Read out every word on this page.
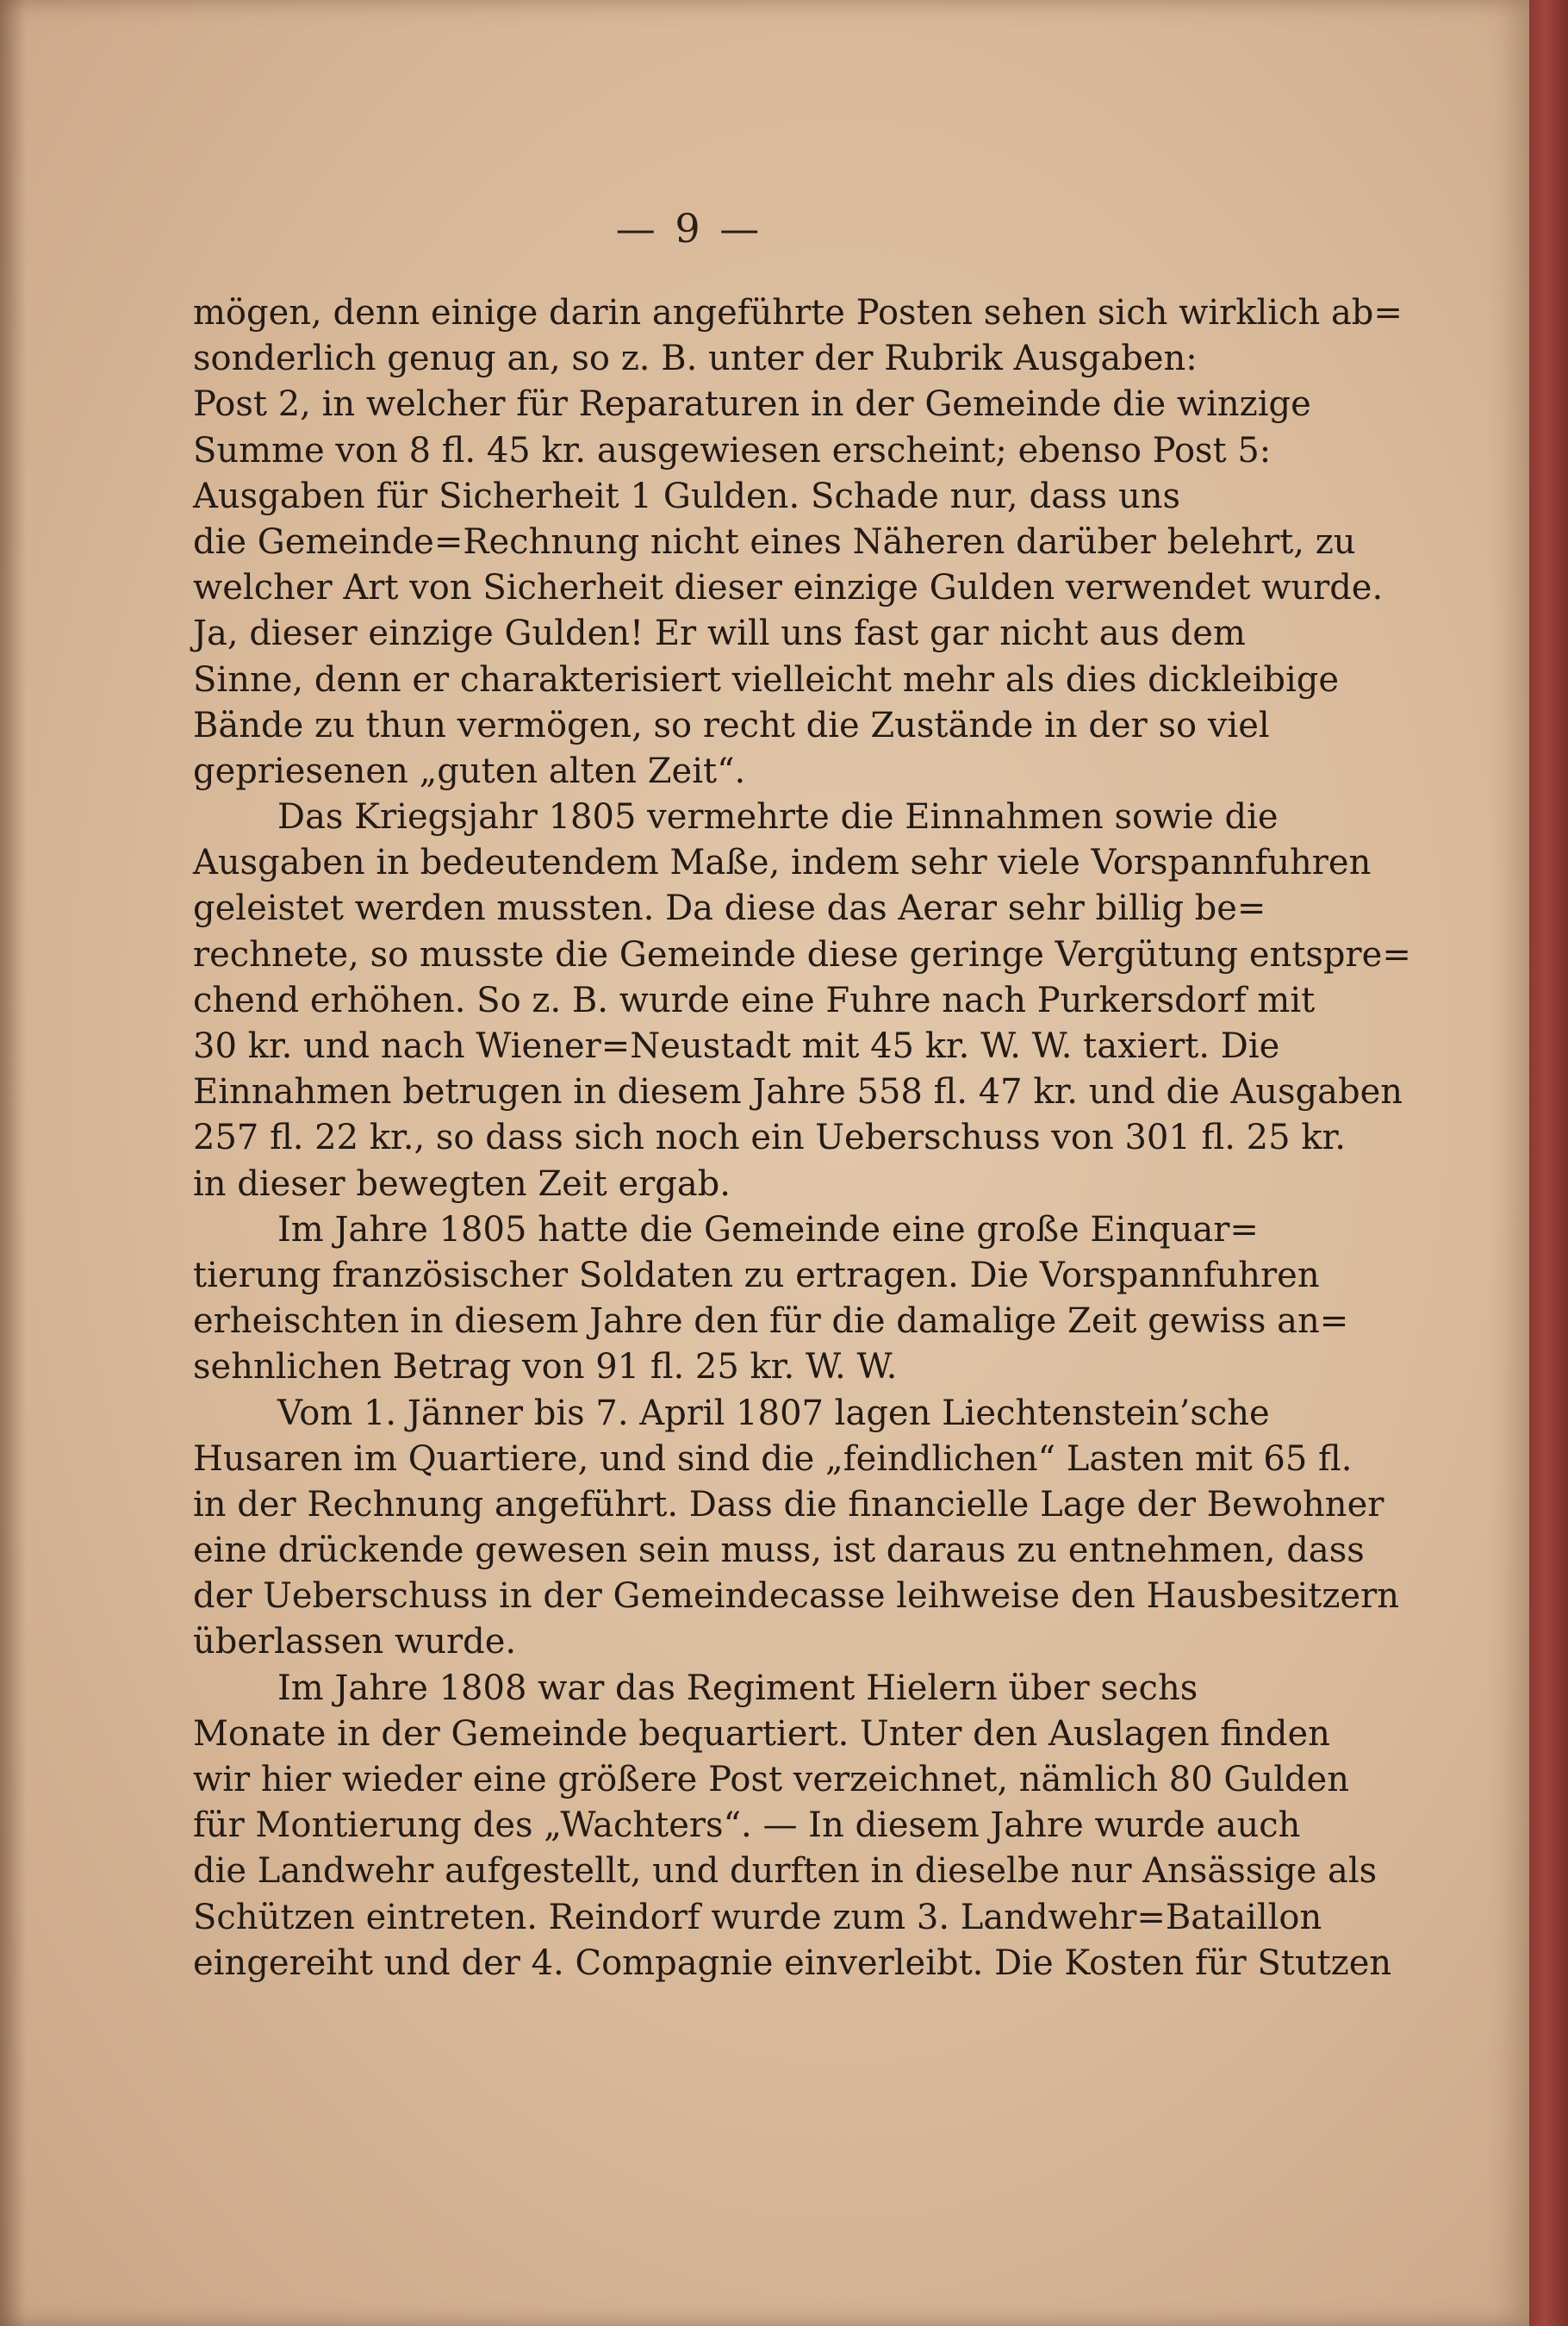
— 9 —
mögen, denn einige darin angeführte Posten sehen sich wirklich ab=
sonderlich genug an, so z. B. unter der Rubrik Ausgaben:
Post 2, in welcher für Reparaturen in der Gemeinde die winzige
Summe von 8 fl. 45 kr. ausgewiesen erscheint; ebenso Post 5:
Ausgaben für Sicherheit 1 Gulden. Schade nur, dass uns
die Gemeinde=Rechnung nicht eines Näheren darüber belehrt, zu
welcher Art von Sicherheit dieser einzige Gulden verwendet wurde.
Ja, dieser einzige Gulden! Er will uns fast gar nicht aus dem
Sinne, denn er charakterisiert vielleicht mehr als dies dickleibige
Bände zu thun vermögen, so recht die Zustände in der so viel
gepriesenen „guten alten Zeit“.
Das Kriegsjahr 1805 vermehrte die Einnahmen sowie die
Ausgaben in bedeutendem Maße, indem sehr viele Vorspannfuhren
geleistet werden mussten. Da diese das Aerar sehr billig be=
rechnete, so musste die Gemeinde diese geringe Vergütung entspre=
chend erhöhen. So z. B. wurde eine Fuhre nach Purkersdorf mit
30 kr. und nach Wiener=Neustadt mit 45 kr. W. W. taxiert. Die
Einnahmen betrugen in diesem Jahre 558 fl. 47 kr. und die Ausgaben
257 fl. 22 kr., so dass sich noch ein Ueberschuss von 301 fl. 25 kr.
in dieser bewegten Zeit ergab.
Im Jahre 1805 hatte die Gemeinde eine große Einquar=
tierung französischer Soldaten zu ertragen. Die Vorspannfuhren
erheischten in diesem Jahre den für die damalige Zeit gewiss an=
sehnlichen Betrag von 91 fl. 25 kr. W. W.
Vom 1. Jänner bis 7. April 1807 lagen Liechtenstein’sche
Husaren im Quartiere, und sind die „feindlichen“ Lasten mit 65 fl.
in der Rechnung angeführt. Dass die financielle Lage der Bewohner
eine drückende gewesen sein muss, ist daraus zu entnehmen, dass
der Ueberschuss in der Gemeindecasse leihweise den Hausbesitzern
überlassen wurde.
Im Jahre 1808 war das Regiment Hielern über sechs
Monate in der Gemeinde bequartiert. Unter den Auslagen finden
wir hier wieder eine größere Post verzeichnet, nämlich 80 Gulden
für Montierung des „Wachters“. — In diesem Jahre wurde auch
die Landwehr aufgestellt, und durften in dieselbe nur Ansässige als
Schützen eintreten. Reindorf wurde zum 3. Landwehr=Bataillon
eingereiht und der 4. Compagnie einverleibt. Die Kosten für Stutzen
